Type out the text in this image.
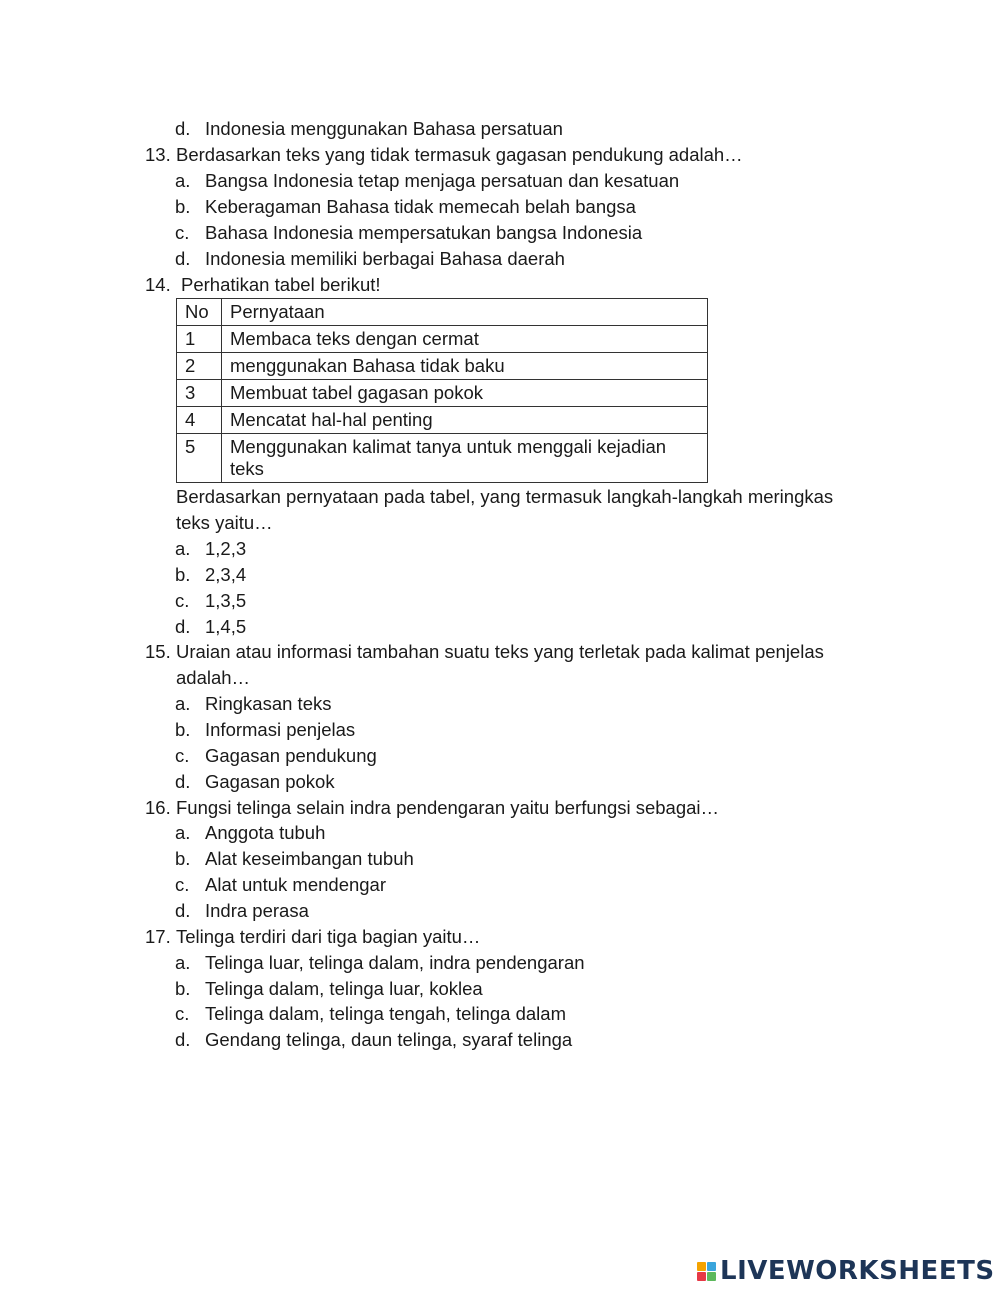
d. Indonesia menggunakan Bahasa persatuan
13. Berdasarkan teks yang tidak termasuk gagasan pendukung adalah…
a. Bangsa Indonesia tetap menjaga persatuan dan kesatuan
b. Keberagaman Bahasa tidak memecah belah bangsa
c. Bahasa Indonesia mempersatukan bangsa Indonesia
d. Indonesia memiliki berbagai Bahasa daerah
14. Perhatikan tabel berikut!
No	Pernyataan
1	Membaca teks dengan cermat
2	menggunakan Bahasa tidak baku
3	Membuat tabel gagasan pokok
4	Mencatat hal-hal penting
5	Menggunakan kalimat tanya untuk menggali kejadian
teks
Berdasarkan pernyataan pada tabel, yang termasuk langkah-langkah meringkas
teks yaitu…
a. 1,2,3
b. 2,3,4
c. 1,3,5
d. 1,4,5
15. Uraian atau informasi tambahan suatu teks yang terletak pada kalimat penjelas
adalah…
a. Ringkasan teks
b. Informasi penjelas
c. Gagasan pendukung
d. Gagasan pokok
16. Fungsi telinga selain indra pendengaran yaitu berfungsi sebagai…
a. Anggota tubuh
b. Alat keseimbangan tubuh
c. Alat untuk mendengar
d. Indra perasa
17. Telinga terdiri dari tiga bagian yaitu…
a. Telinga luar, telinga dalam, indra pendengaran
b. Telinga dalam, telinga luar, koklea
c. Telinga dalam, telinga tengah, telinga dalam
d. Gendang telinga, daun telinga, syaraf telinga
LIVEWORKSHEETS
